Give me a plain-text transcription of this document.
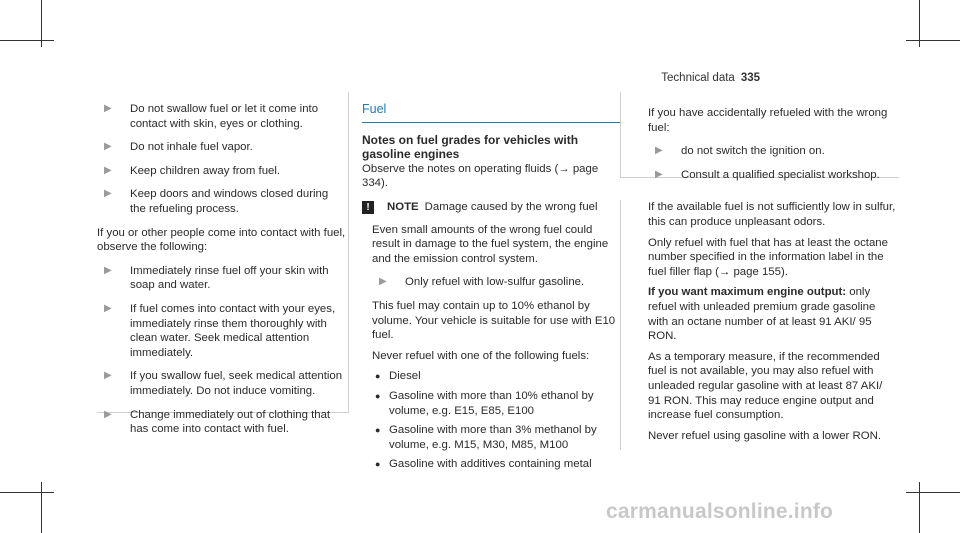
Technical data 335
▶	Do not swallow fuel or let it come into contact with skin, eyes or clothing.
▶	Do not inhale fuel vapor.
▶	Keep children away from fuel.
▶	Keep doors and windows closed during the refueling process.

If you or other people come into contact with fuel, observe the following:

▶	Immediately rinse fuel off your skin with soap and water.
▶	If fuel comes into contact with your eyes, immediately rinse them thoroughly with clean water. Seek medical attention immediately.
▶	If you swallow fuel, seek medical attention immediately. Do not induce vomiting.
▶	Change immediately out of clothing that has come into contact with fuel.
Fuel
Notes on fuel grades for vehicles with gasoline engines

Observe the notes on operating fluids (→ page 334).

!	NOTE Damage caused by the wrong fuel

Even small amounts of the wrong fuel could result in damage to the fuel system, the engine and the emission control system.

▶	Only refuel with low-sulfur gasoline.

This fuel may contain up to 10% ethanol by volume. Your vehicle is suitable for use with E10 fuel.

Never refuel with one of the following fuels:

● Diesel
● Gasoline with more than 10% ethanol by volume, e.g. E15, E85, E100
● Gasoline with more than 3% methanol by volume, e.g. M15, M30, M85, M100
● Gasoline with additives containing metal

If you have accidentally refueled with the wrong fuel:

▶	do not switch the ignition on.
▶	Consult a qualified specialist workshop.

If the available fuel is not sufficiently low in sulfur, this can produce unpleasant odors.

Only refuel with fuel that has at least the octane number specified in the information label in the fuel filler flap (→ page 155).

If you want maximum engine output: only refuel with unleaded premium grade gasoline with an octane number of at least 91 AKI/ 95 RON.

As a temporary measure, if the recommended fuel is not available, you may also refuel with unleaded regular gasoline with at least 87 AKI/ 91 RON. This may reduce engine output and increase fuel consumption.

Never refuel using gasoline with a lower RON.

carmanualsonline.info
